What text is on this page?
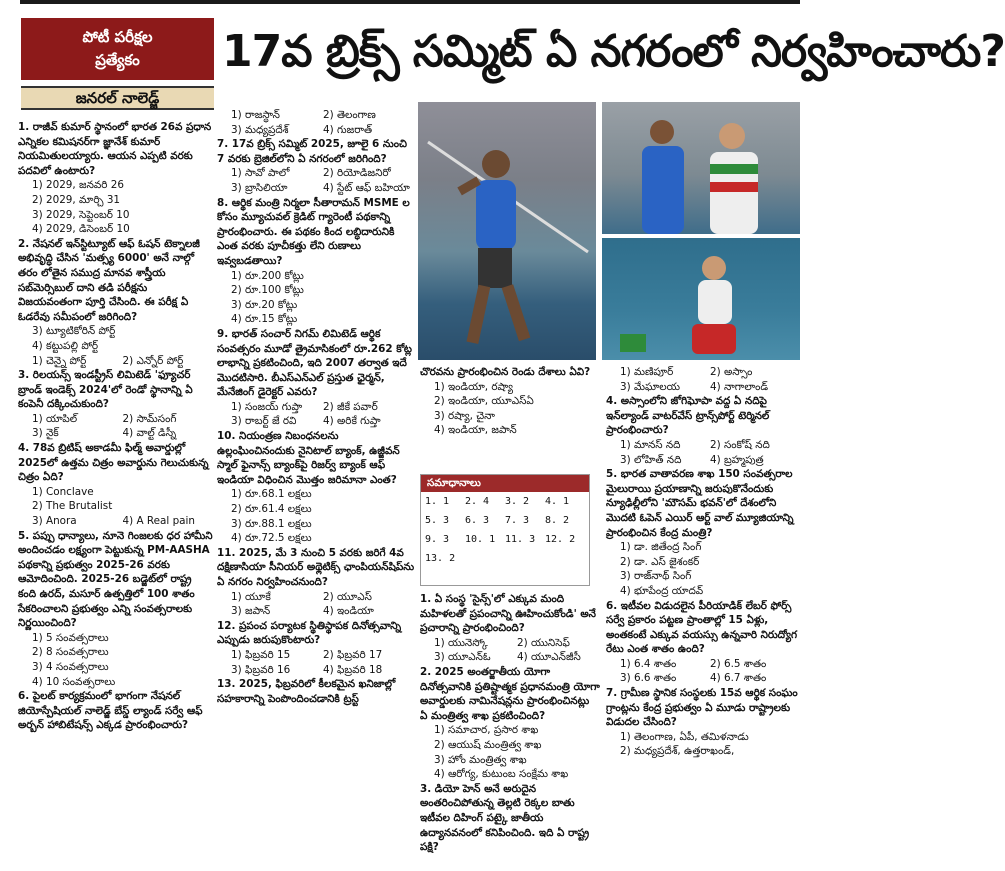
పోటీ పరీక్షల
ప్రత్యేకం
జనరల్ నాలెడ్జ్
17వ బ్రిక్స్ సమ్మిట్ ఏ నగరంలో నిర్వహించారు?

1. రాజీవ్ కుమార్ స్థానంలో భారత 26వ ప్రధాన ఎన్నికల కమిషనర్‌గా జ్ఞానేశ్ కుమార్ నియమితులయ్యారు. ఆయన ఎప్పటి వరకు పదవిలో ఉంటారు?

1) 2029, జనవరి 26

2) 2029, మార్చి 31

3) 2029, సెప్టెంబర్ 10

4) 2029, డిసెంబర్ 10

2. నేషనల్ ఇన్‌స్టిట్యూట్ ఆఫ్ ఓషన్ టెక్నాలజీ అభివృద్ధి చేసిన 'మత్స్య 6000' అనే నాల్గో తరం లోతైన సముద్ర మానవ శాస్త్రీయ సబ్‌మెర్సిబుల్ దాని తడి పరీక్షను విజయవంతంగా పూర్తి చేసింది. ఈ పరీక్ష ఏ ఓడరేవు సమీపంలో జరిగింది?

3) ట్యూటికోరిన్ పోర్ట్

4) కట్టుపల్లి పోర్ట్

1) చెన్నై పోర్ట్	2) ఎన్నోర్ పోర్ట్

3. రిలయన్స్ ఇండస్ట్రీస్ లిమిటెడ్ 'ఫ్యూచర్ బ్రాండ్ ఇండెక్స్ 2024'లో రెండో స్థానాన్ని ఏ కంపెనీ దక్కించుకుంది?

1) యాపిల్	2) సామ్‌సంగ్
3) నైక్	4) వాల్ట్ డిస్నీ

4. 78వ బ్రిటిష్ అకాడమీ ఫిల్మ్ అవార్డుల్లో 2025లో ఉత్తమ చిత్రం అవార్డును గెలుచుకున్న చిత్రం ఏది?

1) Conclave

2) The Brutalist

3) Anora	4) A Real pain

5. పప్పు ధాన్యాలు, నూనె గింజలకు ధర హామీని అందించడం లక్ష్యంగా పెట్టుకున్న PM-AASHA పథకాన్ని ప్రభుత్వం 2025-26 వరకు ఆమోదించింది. 2025-26 బడ్జెట్‌లో రాష్ట్ర కంది ఉరద్, మసూర్ ఉత్పత్తిలో 100 శాతం సేకరించాలని ప్రభుత్వం ఎన్ని సంవత్సరాలకు నిర్ణయించింది?

1) 5 సంవత్సరాలు

2) 8 సంవత్సరాలు

3) 4 సంవత్సరాలు

4) 10 సంవత్సరాలు

6. పైలట్ కార్యక్రమంలో భాగంగా నేషనల్ జియోస్పేషియల్ నాలెడ్జ్ బేస్డ్ ల్యాండ్ సర్వే ఆఫ్ అర్బన్ హాబిటేషన్స్ ఎక్కడ ప్రారంభించారు?

1) రాజస్థాన్	2) తెలంగాణ
3) మధ్యప్రదేశ్	4) గుజరాత్

7. 17వ బ్రిక్స్ సమ్మిట్ 2025, జూలై 6 నుంచి 7 వరకు బ్రెజిల్‌లోని ఏ నగరంలో జరిగింది?

1) సావో పాలో	2) రియోడిజనిరో
3) బ్రాసిలియా	4) స్టేట్ ఆఫ్ బహియా

8. ఆర్థిక మంత్రి నిర్మలా సీతారామన్ MSME ల కోసం మ్యూచువల్ క్రెడిట్ గ్యారెంటీ పథకాన్ని ప్రారంభించారు. ఈ పథకం కింద లబ్ధిదారునికి ఎంత వరకు పూచీకత్తు లేని రుణాలు ఇవ్వబడతాయి?

1) రూ.200 కోట్లు

2) రూ.100 కోట్లు

3) రూ.20 కోట్లు

4) రూ.15 కోట్లు

9. భారత్ సంచార్ నిగమ్ లిమిటెడ్ ఆర్థిక సంవత్సరం మూడో త్రైమాసికంలో రూ.262 కోట్ల లాభాన్ని ప్రకటించింది, ఇది 2007 తర్వాత ఇదే మొదటిసారి. బీఎస్ఎన్ఎల్ ప్రస్తుత ఛైర్మన్, మేనేజింగ్ డైరెక్టర్ ఎవరు?

1) సంజయ్ గుప్తా	2) జీకే పవార్
3) రాబర్ట్ జే రవి	4) అరికే గుప్తా

10. నియంత్రణ నిబంధనలను ఉల్లంఘించినందుకు నైనిటాల్ బ్యాంక్, ఉజ్జీవన్ స్మాల్ ఫైనాన్స్ బ్యాంక్‌పై రిజర్వ్ బ్యాంక్ ఆఫ్ ఇండియా విధించిన మొత్తం జరిమానా ఎంత?

1) రూ.68.1 లక్షలు

2) రూ.61.4 లక్షలు

3) రూ.88.1 లక్షలు

4) రూ.72.5 లక్షలు

11. 2025, మే 3 నుంచి 5 వరకు జరిగే 4వ దక్షిణాసియా సీనియర్ అథ్లెటిక్స్ ఛాంపియన్‌షిప్‌ను ఏ నగరం నిర్వహించనుంది?

1) యూకే	2) యూఎస్
3) జపాన్	4) ఇండియా

12. ప్రపంచ పర్యాటక స్థితిస్థాపక దినోత్సవాన్ని ఎప్పుడు జరుపుకొంటారు?

1) ఫిబ్రవరి 15	2) ఫిబ్రవరి 17
3) ఫిబ్రవరి 16	4) ఫిబ్రవరి 18

13. 2025, ఫిబ్రవరిలో కీలకమైన ఖనిజాల్లో సహకారాన్ని పెంపొందించడానికి ట్రస్ట్

చొరవను ప్రారంభించిన రెండు దేశాలు ఏవి?

1) ఇండియా, రష్యా

2) ఇండియా, యూఎస్ఏ

3) రష్యా, చైనా

4) ఇండియా, జపాన్

1. ఏ సంస్థ 'సైన్స్‌'లో ఎక్కువ మంది మహిళలతో ప్రపంచాన్ని ఊహించుకోండి' అనే ప్రచారాన్ని ప్రారంభించింది?

1) యునెస్కో	2) యునిసెఫ్
3) యూఎన్‌ఓ	4) యూఎన్‌జీసీ

2. 2025 అంతర్జాతీయ యోగా దినోత్సవానికి ప్రతిష్టాత్మక ప్రధానమంత్రి యోగా అవార్డులకు నామినేషన్లను ప్రారంభించినట్లు ఏ మంత్రిత్వ శాఖ ప్రకటించింది?

1) సమాచార, ప్రసార శాఖ

2) ఆయుష్ మంత్రిత్వ శాఖ

3) హోం మంత్రిత్వ శాఖ

4) ఆరోగ్య, కుటుంబ సంక్షేమ శాఖ

3. డియో హెన్ అనే అరుదైన అంతరించిపోతున్న తెల్లటి రెక్కల బాతు ఇటీవల దిహింగ్ పట్కై జాతీయ ఉద్యానవనంలో కనిపించింది. ఇది ఏ రాష్ట్ర పక్షి?

1) మణిపూర్	2) అస్సాం
3) మేఘాలయ	4) నాగాలాండ్

4. అస్సాంలోని జోగిఘోపా వద్ద ఏ నదిపై ఇన్‌ల్యాండ్ వాటర్‌వేస్ ట్రాన్స్‌పోర్ట్ టెర్మినల్ ప్రారంభించారు?

1) మానస్ నది	2) సంకోష్ నది
3) లోహిత్ నది	4) బ్రహ్మపుత్ర

5. భారత వాతావరణ శాఖ 150 సంవత్సరాల మైలురాయి ప్రయాణాన్ని జరుపుకొనేందుకు న్యూఢిల్లీలోని 'మౌసమ్ భవన్'లో దేశంలోని మొదటి ఓపెన్ ఎయిర్ ఆర్ట్ వాల్ మ్యూజియాన్ని ప్రారంభించిన కేంద్ర మంత్రి?

1) డా. జితేంద్ర సింగ్

2) డా. ఎస్ జైశంకర్

3) రాజ్‌నాథ్ సింగ్

4) భూపేంద్ర యాదవ్

6. ఇటీవల విడుదలైన పీరియాడిక్ లేబర్ ఫోర్స్ సర్వే ప్రకారం పట్టణ ప్రాంతాల్లో 15 ఏళ్లు, అంతకంటే ఎక్కువ వయస్సు ఉన్నవారి నిరుద్యోగ రేటు ఎంత శాతం ఉంది?

1) 6.4 శాతం	2) 6.5 శాతం
3) 6.6 శాతం	4) 6.7 శాతం

7. గ్రామీణ స్థానిక సంస్థలకు 15వ ఆర్థిక సంఘం గ్రాంట్లను కేంద్ర ప్రభుత్వం ఏ మూడు రాష్ట్రాలకు విడుదల చేసింది?

1) తెలంగాణ, ఏపీ, తమిళనాడు

2) మధ్యప్రదేశ్, ఉత్తరాఖండ్,

సమాధానాలు
1. 1	2. 4	3. 2	4. 1
5. 3	6. 3	7. 3	8. 2
9. 3	10. 1 11. 3 12. 2
13. 2
